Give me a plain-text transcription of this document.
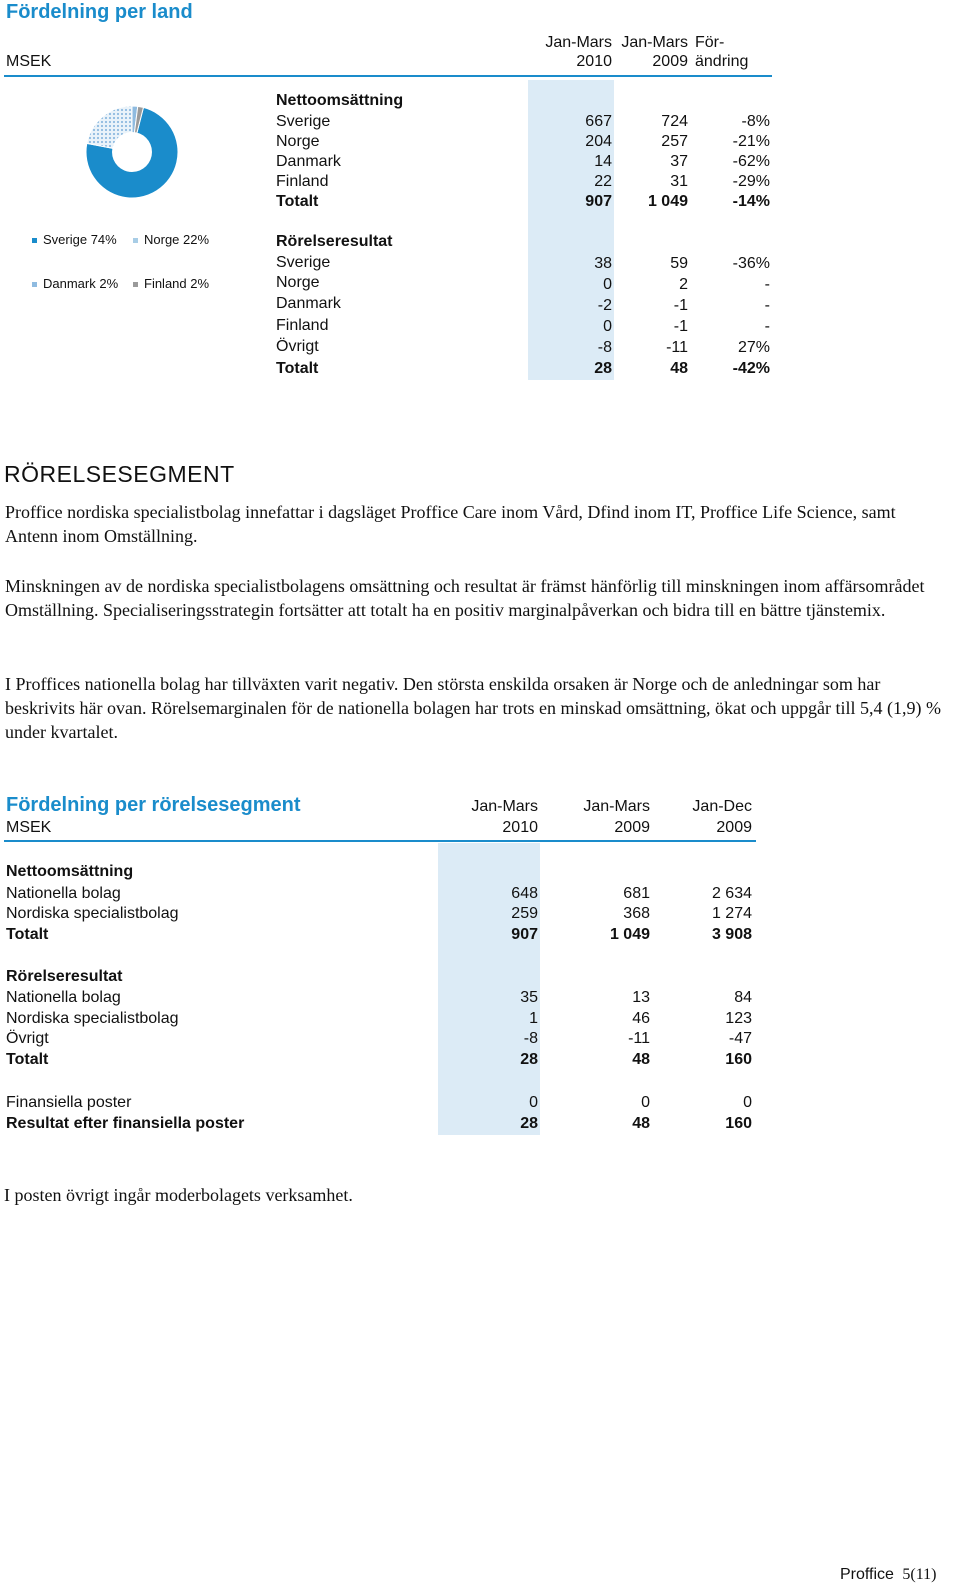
Fördelning per land
MSEK
Jan-Mars
2010
Jan-Mars
2009
För-
ändring
Sverige 74%	Norge 22%
Danmark 2%	Finland 2%
Nettoomsättning
Sverige	667	724	-8%
Norge	204	257	-21%
Danmark	14	37	-62%
Finland	22	31	-29%
Totalt	907	1 049	-14%
Rörelseresultat
Sverige	38	59	-36%
Norge	0	2	-
Danmark	-2	-1	-
Finland	0	-1	-
Övrigt	-8	-11	27%
Totalt	28	48	-42%
RÖRELSESEGMENT
Proffice nordiska specialistbolag innefattar i dagsläget Proffice Care inom Vård, Dfind inom IT, Proffice Life Science, samt Antenn inom Omställning.
Minskningen av de nordiska specialistbolagens omsättning och resultat är främst hänförlig till minskningen inom affärsområdet Omställning. Specialiseringsstrategin fortsätter att totalt ha en positiv marginalpåverkan och bidra till en bättre tjänstemix.
I Proffices nationella bolag har tillväxten varit negativ. Den största enskilda orsaken är Norge och de anledningar som har beskrivits här ovan. Rörelsemarginalen för de nationella bolagen har trots en minskad omsättning, ökat och uppgår till 5,4 (1,9) % under kvartalet.
Fördelning per rörelsesegment
MSEK
Jan-Mars
2010
Jan-Mars
2009
Jan-Dec
2009
Nettoomsättning
Nationella bolag	648	681	2 634
Nordiska specialistbolag	259	368	1 274
Totalt	907	1 049	3 908
Rörelseresultat
Nationella bolag	35	13	84
Nordiska specialistbolag	1	46	123
Övrigt	-8	-11	-47
Totalt	28	48	160
Finansiella poster	0	0	0
Resultat efter finansiella poster	28	48	160
I posten övrigt ingår moderbolagets verksamhet.
Proffice 5(11)
